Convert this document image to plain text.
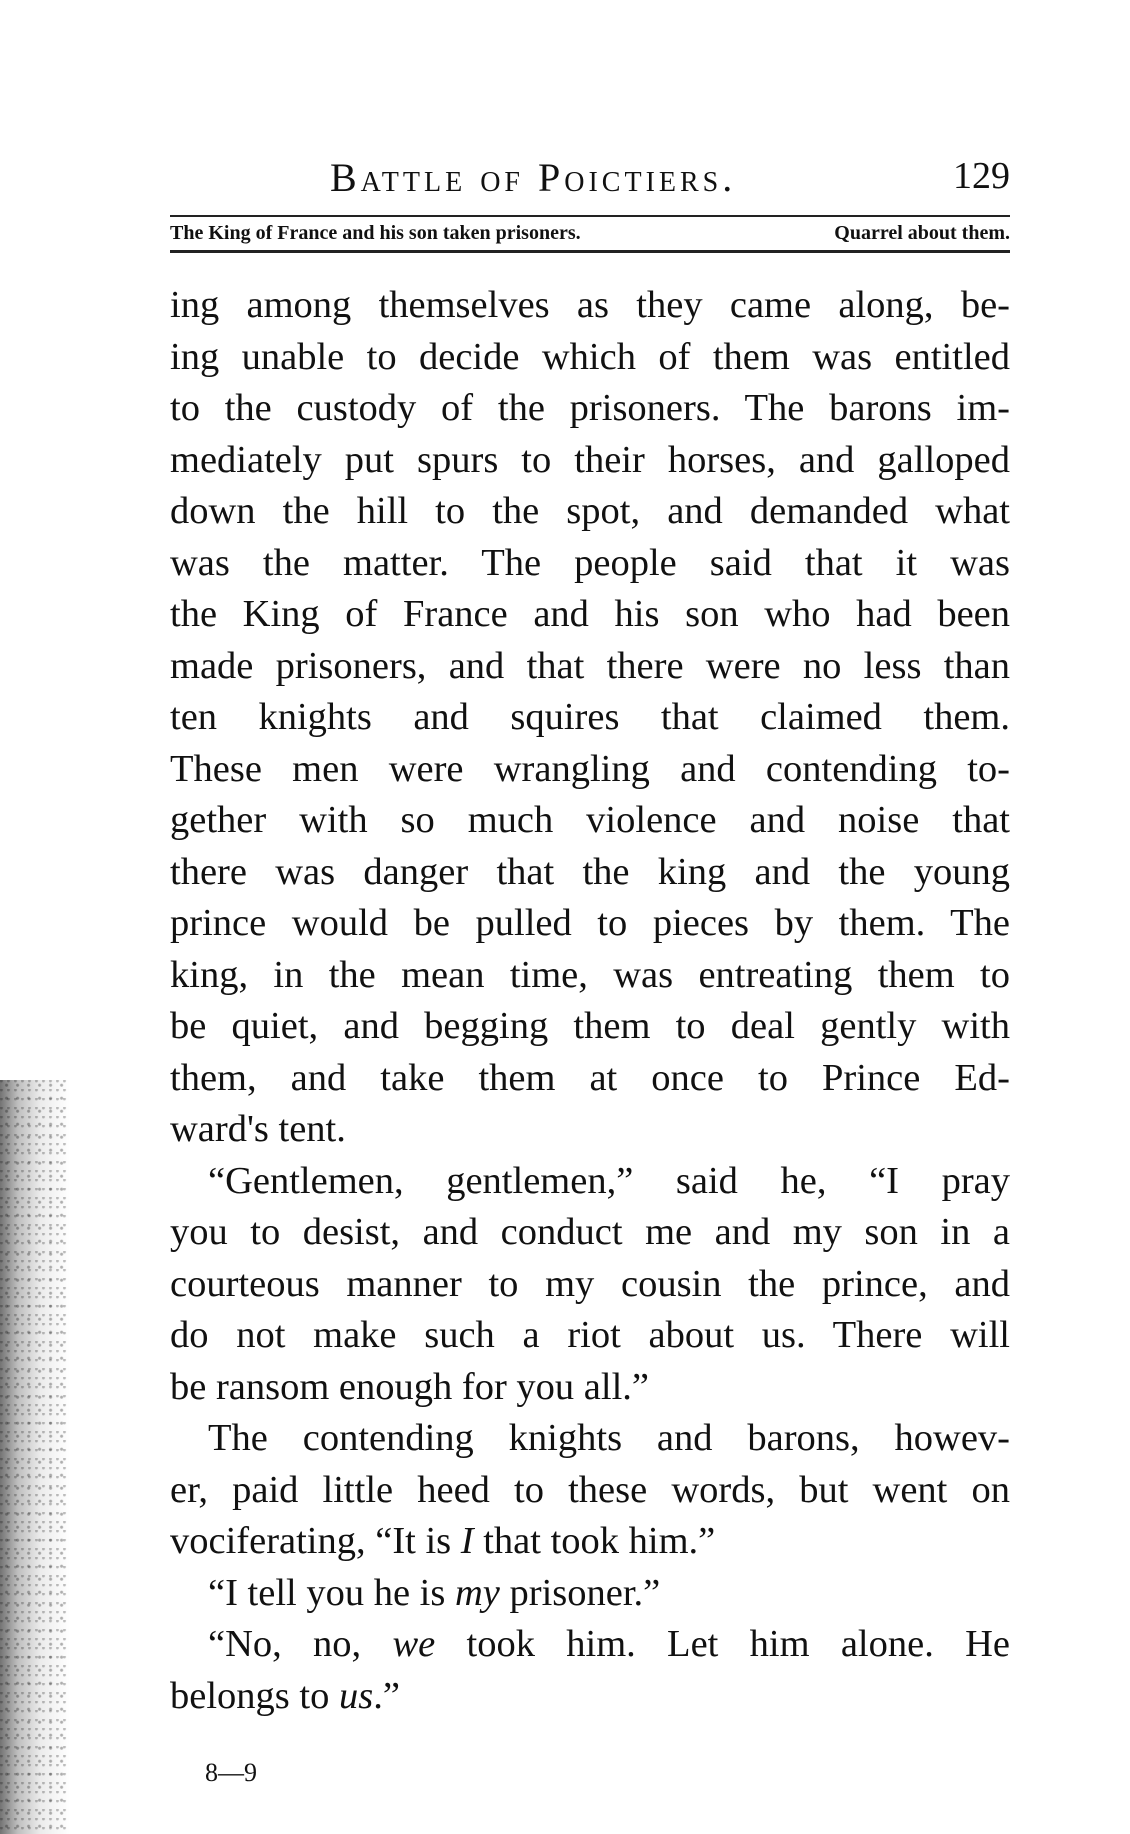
Battle of Poictiers.	129
The King of France and his son taken prisoners.	Quarrel about them.
ing among themselves as they came along, be-
ing unable to decide which of them was entitled
to the custody of the prisoners. The barons im-
mediately put spurs to their horses, and galloped
down the hill to the spot, and demanded what
was the matter. The people said that it was
the King of France and his son who had been
made prisoners, and that there were no less than
ten knights and squires that claimed them.
These men were wrangling and contending to-
gether with so much violence and noise that
there was danger that the king and the young
prince would be pulled to pieces by them. The
king, in the mean time, was entreating them to
be quiet, and begging them to deal gently with
them, and take them at once to Prince Ed-
ward's tent.
“Gentlemen, gentlemen,” said he, “I pray
you to desist, and conduct me and my son in a
courteous manner to my cousin the prince, and
do not make such a riot about us. There will
be ransom enough for you all.”
The contending knights and barons, howev-
er, paid little heed to these words, but went on
vociferating, “It is I that took him.”
“I tell you he is my prisoner.”
“No, no, we took him. Let him alone. He
belongs to us.”
8—9
